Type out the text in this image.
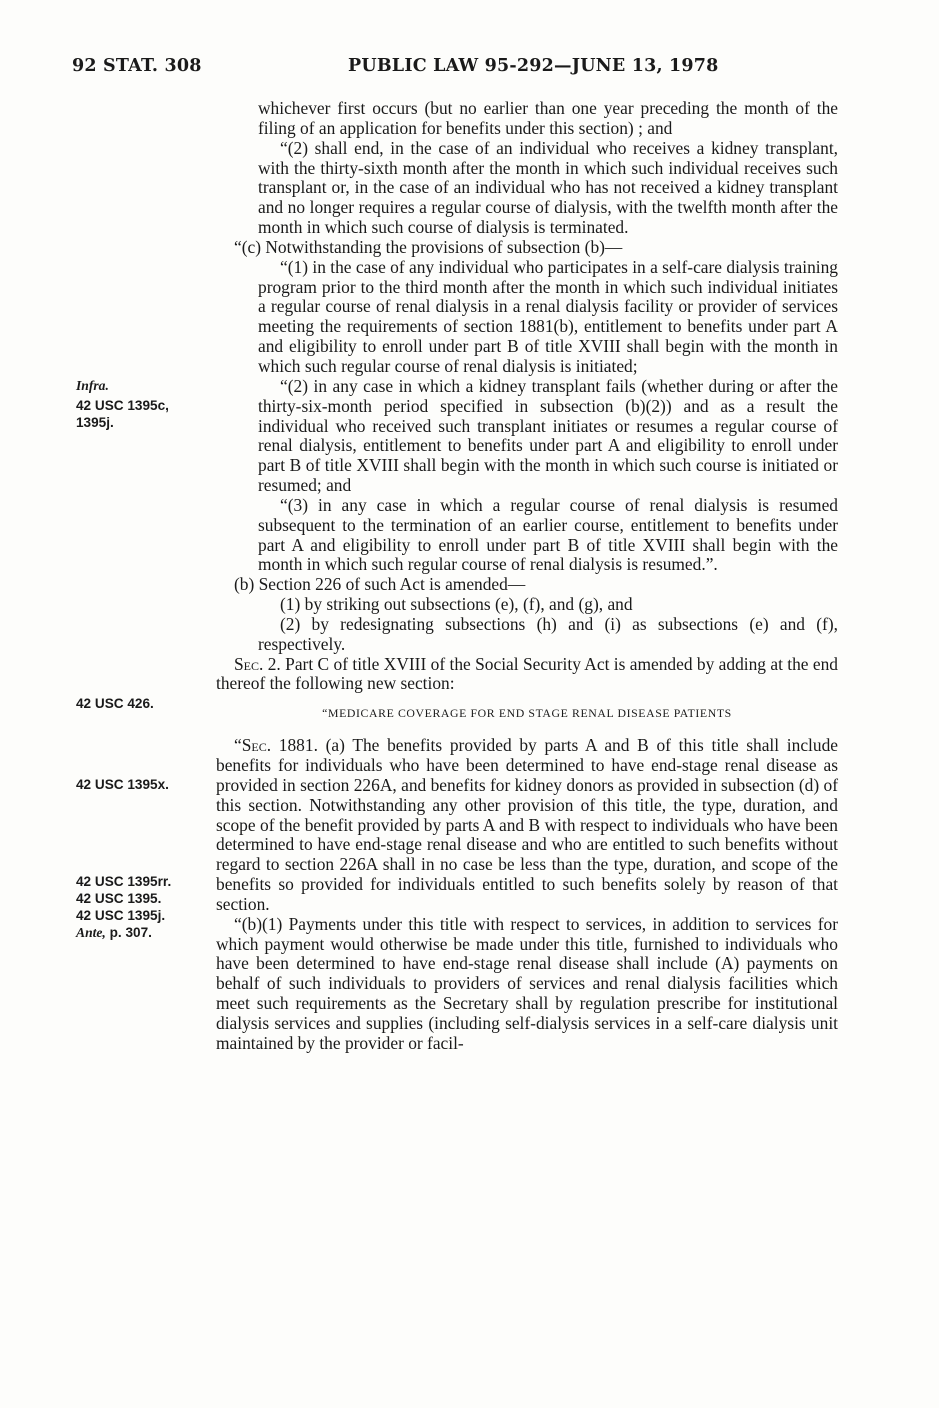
92 STAT. 308	PUBLIC LAW 95-292—JUNE 13, 1978
Infra.
42 USC 1395c,
1395j.
42 USC 426.
42 USC 1395x.
42 USC 1395rr.
42 USC 1395.
42 USC 1395j.
Ante, p. 307.

whichever first occurs (but no earlier than one year preceding the month of the filing of an application for benefits under this section) ; and

“(2) shall end, in the case of an individual who receives a kidney transplant, with the thirty-sixth month after the month in which such individual receives such transplant or, in the case of an individual who has not received a kidney transplant and no longer requires a regular course of dialysis, with the twelfth month after the month in which such course of dialysis is terminated.

“(c) Notwithstanding the provisions of subsection (b)—

“(1) in the case of any individual who participates in a self-care dialysis training program prior to the third month after the month in which such individual initiates a regular course of renal dialysis in a renal dialysis facility or provider of services meeting the requirements of section 1881(b), entitlement to benefits under part A and eligibility to enroll under part B of title XVIII shall begin with the month in which such regular course of renal dialysis is initiated;

“(2) in any case in which a kidney transplant fails (whether during or after the thirty-six-month period specified in subsection (b)(2)) and as a result the individual who received such transplant initiates or resumes a regular course of renal dialysis, entitlement to benefits under part A and eligibility to enroll under part B of title XVIII shall begin with the month in which such course is initiated or resumed; and

“(3) in any case in which a regular course of renal dialysis is resumed subsequent to the termination of an earlier course, entitlement to benefits under part A and eligibility to enroll under part B of title XVIII shall begin with the month in which such regular course of renal dialysis is resumed.”.

(b) Section 226 of such Act is amended—

(1) by striking out subsections (e), (f), and (g), and

(2) by redesignating subsections (h) and (i) as subsections (e) and (f), respectively.

Sec. 2. Part C of title XVIII of the Social Security Act is amended by adding at the end thereof the following new section:

“MEDICARE COVERAGE FOR END STAGE RENAL DISEASE PATIENTS

“Sec. 1881. (a) The benefits provided by parts A and B of this title shall include benefits for individuals who have been determined to have end-stage renal disease as provided in section 226A, and benefits for kidney donors as provided in subsection (d) of this section. Notwithstanding any other provision of this title, the type, duration, and scope of the benefit provided by parts A and B with respect to individuals who have been determined to have end-stage renal disease and who are entitled to such benefits without regard to section 226A shall in no case be less than the type, duration, and scope of the benefits so provided for individuals entitled to such benefits solely by reason of that section.

“(b)(1) Payments under this title with respect to services, in addition to services for which payment would otherwise be made under this title, furnished to individuals who have been determined to have end-stage renal disease shall include (A) payments on behalf of such individuals to providers of services and renal dialysis facilities which meet such requirements as the Secretary shall by regulation prescribe for institutional dialysis services and supplies (including self-dialysis services in a self-care dialysis unit maintained by the provider or facil-
